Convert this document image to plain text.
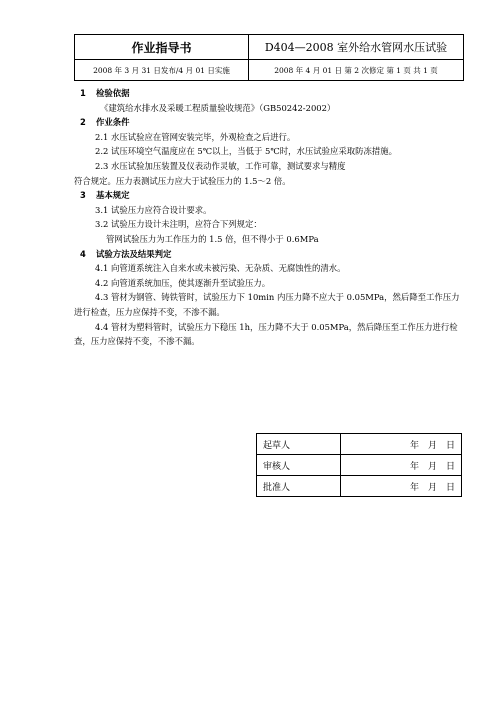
作业指导书	D404—2008 室外给水管网水压试验
2008 年 3 月 31 日发布/4 月 01 日实施	2008 年 4 月 01 日 第 2 次修定 第 1 页 共 1 页
1 检验依据
《建筑给水排水及采暖工程质量验收规范》（GB50242-2002）
2 作业条件
2.1 水压试验应在管网安装完毕，外观检查之后进行。
2.2 试压环境空气温度应在 5℃以上，当低于 5℃时，水压试验应采取防冻措施。
2.3 水压试验加压装置及仪表动作灵敏，工作可靠，测试要求与精度
符合规定。压力表测试压力应大于试验压力的 1.5～2 倍。
3 基本规定
3.1 试验压力应符合设计要求。
3.2 试验压力设计未注明，应符合下列规定：
管网试验压力为工作压力的 1.5 倍，但不得小于 0.6MPa
4 试验方法及结果判定
4.1 向管道系统注入自来水或未被污染、无杂质、无腐蚀性的清水。
4.2 向管道系统加压，使其逐渐升至试验压力。
4.3 管材为钢管、铸铁管时，试验压力下 10min 内压力降不应大于 0.05MPa，然后降至工作压力进行检查，压力应保持不变，不渗不漏。
4.4 管材为塑料管时，试验压力下稳压 1h，压力降不大于 0.05MPa，然后降压至工作压力进行检查，压力应保持不变，不渗不漏。
起草人	年　月　日
审核人	年　月　日
批准人	年　月　日
